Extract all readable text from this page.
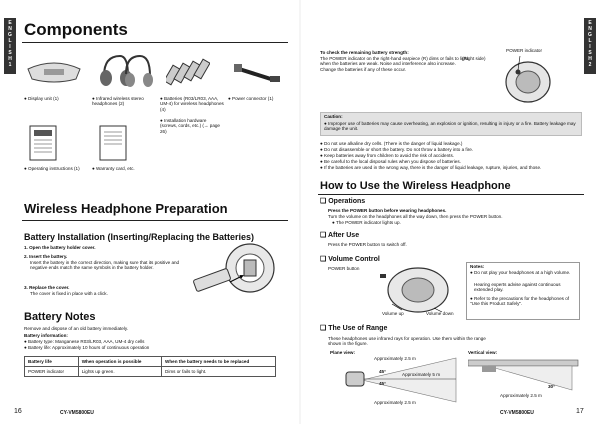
E
N
G
L
I
S
H
1
E
N
G
L
I
S
H
2
Components
● Display unit (1)	● Infrared wireless stereo headphones (2)
● Batteries (R03/LR03, AAA, UM-4) for wireless headphones (4)
● Power connector (1)
● Installation hardware (screws, cords, etc.) (→ page 26)
● Operating instructions (1)	● Warranty card, etc.
Wireless Headphone Preparation
Battery Installation (Inserting/Replacing the Batteries)
1. Open the battery holder cover.
2. Insert the battery.
Insert the battery in the correct direction, making sure that its positive and negative ends match the same symbols in the battery holder.
3. Replace the cover.
The cover is fixed in place with a click.
Battery Notes
Remove and dispose of an old battery immediately.
Battery information:
● Battery type: Manganese R03/LR03, AAA, UM-4 dry cells
● Battery life: Approximately 10 hours of continuous operation
Battery life	When operation is possible	When the battery needs to be replaced
POWER indicator	Lights up green.	Dims or fails to light.
16	CY-VM5800EU
To check the remaining battery strength:
The POWER indicator on the right-hand earpiece (R) dims or fails to light when the batteries are weak. Noise and interference also increase. Change the batteries if any of these occur.
(Right side)
POWER indicator
Caution:
● Improper use of batteries may cause overheating, an explosion or ignition, resulting in injury or a fire. Battery leakage may damage the unit.
● Do not use alkaline dry cells. (There is the danger of liquid leakage.)
● Do not disassemble or short the battery. Do not throw a battery into a fire.
● Keep batteries away from children to avoid the risk of accidents.
● Be careful to the local disposal rules when you dispose of batteries.
● If the batteries are used in the wrong way, there is the danger of liquid leakage, rupture, injuries, and those.
How to Use the Wireless Headphone
❑ Operations
Press the POWER button before wearing headphones.
Turn the volume on the headphones all the way down, then press the POWER button.
● The POWER indicator lights up.
❑ After Use
Press the POWER button to switch off.
❑ Volume Control
POWER button
Volume up	Volume down
Notes:
● Do not play your headphones at a high volume.
Hearing experts advise against continuous extended play.
● Refer to the precautions for the headphones of "Use this Product Safely".
❑ The Use of Range
These headphones use infrared rays for operation. Use them within the range shown in the figure.
Plane view:	Vertical view:
Approximately 2.5 m
45°
Approximately 5 m
45°
Approximately 2.5 m
30°
Approximately 2.5 m
CY-VM5800EU	17
